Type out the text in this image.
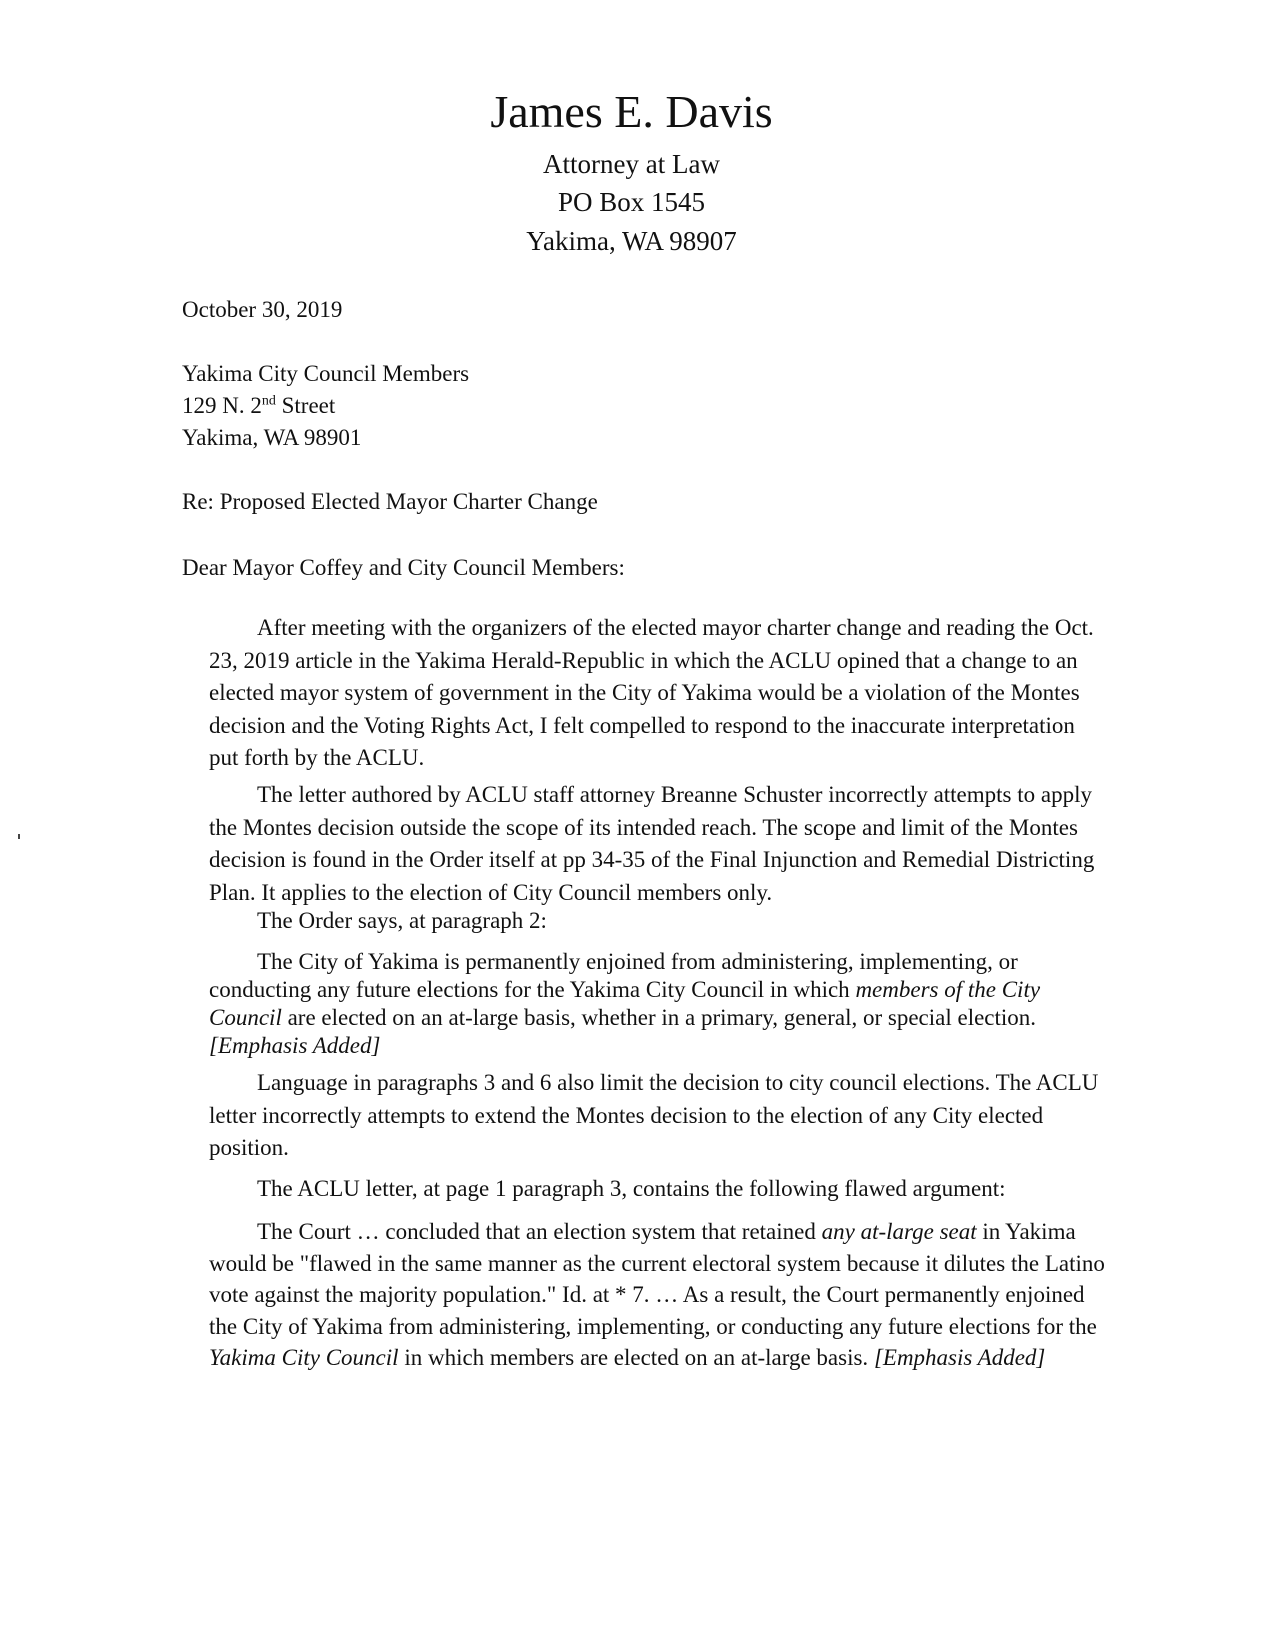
James E. Davis
Attorney at Law
PO Box 1545
Yakima, WA 98907
October 30, 2019
Yakima City Council Members
129 N. 2nd Street
Yakima, WA 98901
Re: Proposed Elected Mayor Charter Change
Dear Mayor Coffey and City Council Members:

After meeting with the organizers of the elected mayor charter change and reading the Oct. 23, 2019 article in the Yakima Herald-Republic in which the ACLU opined that a change to an elected mayor system of government in the City of Yakima would be a violation of the Montes decision and the Voting Rights Act, I felt compelled to respond to the inaccurate interpretation put forth by the ACLU.

The letter authored by ACLU staff attorney Breanne Schuster incorrectly attempts to apply the Montes decision outside the scope of its intended reach. The scope and limit of the Montes decision is found in the Order itself at pp 34-35 of the Final Injunction and Remedial Districting Plan. It applies to the election of City Council members only.

The Order says, at paragraph 2:

The City of Yakima is permanently enjoined from administering, implementing, or conducting any future elections for the Yakima City Council in which members of the City Council are elected on an at-large basis, whether in a primary, general, or special election. [Emphasis Added]

Language in paragraphs 3 and 6 also limit the decision to city council elections. The ACLU letter incorrectly attempts to extend the Montes decision to the election of any City elected position.

The ACLU letter, at page 1 paragraph 3, contains the following flawed argument:

The Court … concluded that an election system that retained any at-large seat in Yakima would be "flawed in the same manner as the current electoral system because it dilutes the Latino vote against the majority population." Id. at * 7. … As a result, the Court permanently enjoined the City of Yakima from administering, implementing, or conducting any future elections for the Yakima City Council in which members are elected on an at-large basis. [Emphasis Added]
